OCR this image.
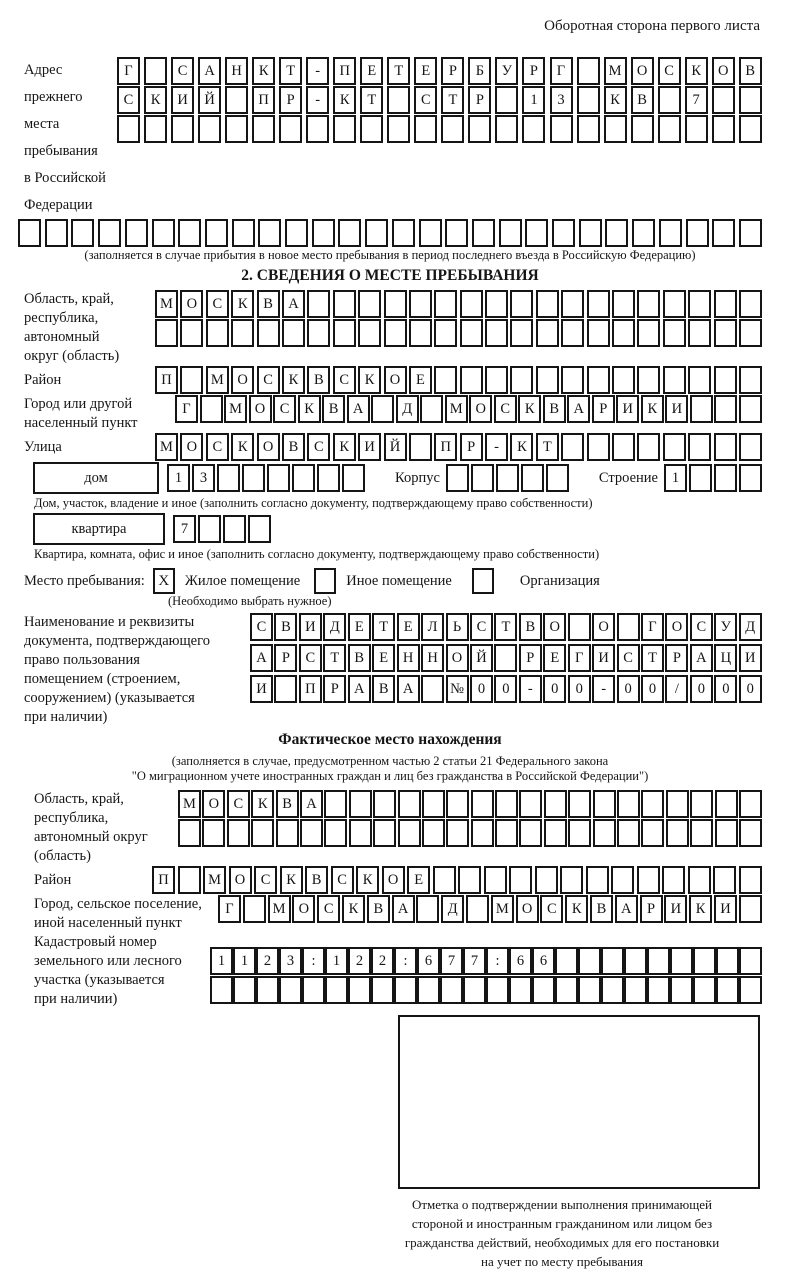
Оборотная сторона первого листа
Адрес прежнего
места пребывания
в Российской
Федерации
Г	С	А	Н	К	Т	-	П	Е	Т	Е	Р	Б	У	Р	Г	М	О	С	К	О	В
С	К	И	Й	П	Р	-	К	Т	С	Т	Р	1	3	К	В	7
(заполняется в случае прибытия в новое место пребывания в период последнего въезда в Российскую Федерацию)
2. СВЕДЕНИЯ О МЕСТЕ ПРЕБЫВАНИЯ
Область, край,
республика,
автономный
округ (область)
М О	С	К	В	А
Район	П	М О	С	К	В	С	К	О	Е
Город или другой
населенный пункт
Г	М О С	К	В А	Д	М О С	К	В А	Р	И К И
Улица	М О	С	К	О	В	С	К	И	Й	П	Р	-	К	Т
дом	1	3	Корпус	Строение 1
Дом, участок, владение и иное (заполнить согласно документу, подтверждающему право собственности)
квартира	7
Квартира, комната, офис и иное (заполнить согласно документу, подтверждающему право собственности)
Место пребывания: X	Жилое помещение	Иное помещение	Организация
(Необходимо выбрать нужное)
Наименование и реквизиты
документа, подтверждающего
право пользования
помещением (строением,
сооружением) (указывается
при наличии)
С	В И Д	Е	Т	Е	Л	Ь	С	Т	В О	О	Г	О С У Д
А	Р	С	Т	В	Е	Н Н О Й	Р	Е	Г	И С	Т	Р	А Ц И
И	П	Р	А В А	№ 0	0	-	0	0	-	0	0	/	0	0	0
Фактическое место нахождения
(заполняется в случае, предусмотренном частью 2 статьи 21 Федерального закона
"О миграционном учете иностранных граждан и лиц без гражданства в Российской Федерации")
Область, край,
республика,
автономный округ
(область)
М О С	К	В А
Район	П	М О	С	К	В	С	К	О	Е
Город, сельское поселение,
иной населенный пункт
Г	М О	С	К	В	А	Д	М О	С	К	В	А	Р	И	К	И
Кадастровый номер
земельного или лесного
участка (указывается
при наличии)
1	1	2	3	:	1	2	2	:	6	7	7	:	6	6
Отметка о подтверждении выполнения принимающей
стороной и иностранным гражданином или лицом без
гражданства действий, необходимых для его постановки
на учет по месту пребывания
